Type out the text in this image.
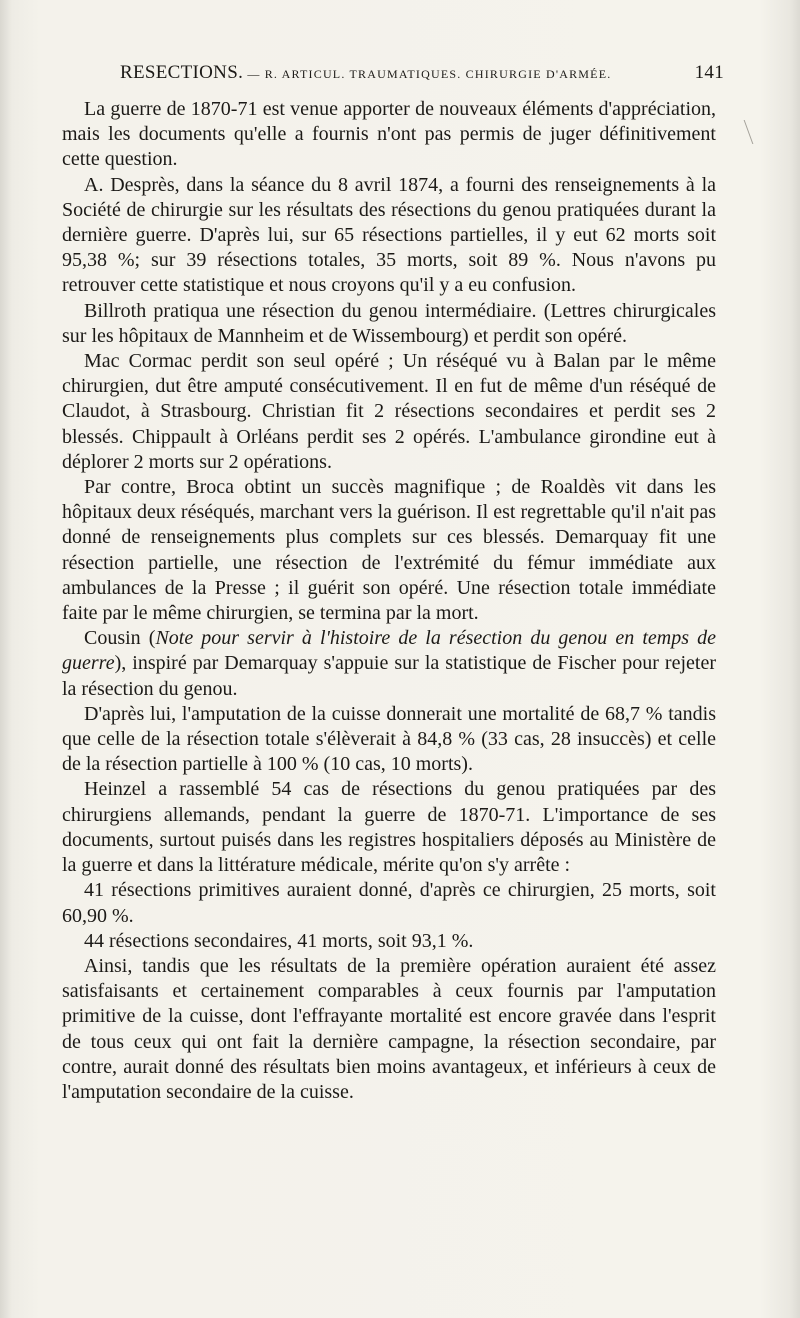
RESECTIONS. — R. ARTICUL. TRAUMATIQUES. CHIRURGIE D'ARMÉE.	141

La guerre de 1870-71 est venue apporter de nouveaux éléments d'appréciation, mais les documents qu'elle a fournis n'ont pas permis de juger définitivement cette question.

A. Desprès, dans la séance du 8 avril 1874, a fourni des renseignements à la Société de chirurgie sur les résultats des résections du genou pratiquées durant la dernière guerre. D'après lui, sur 65 résections partielles, il y eut 62 morts soit 95,38 %; sur 39 résections totales, 35 morts, soit 89 %. Nous n'avons pu retrouver cette statistique et nous croyons qu'il y a eu confusion.

Billroth pratiqua une résection du genou intermédiaire. (Lettres chirurgicales sur les hôpitaux de Mannheim et de Wissembourg) et perdit son opéré.

Mac Cormac perdit son seul opéré ; Un réséqué vu à Balan par le même chirurgien, dut être amputé consécutivement. Il en fut de même d'un réséqué de Claudot, à Strasbourg. Christian fit 2 résections secondaires et perdit ses 2 blessés. Chippault à Orléans perdit ses 2 opérés. L'ambulance girondine eut à déplorer 2 morts sur 2 opérations.

Par contre, Broca obtint un succès magnifique ; de Roaldès vit dans les hôpitaux deux réséqués, marchant vers la guérison. Il est regrettable qu'il n'ait pas donné de renseignements plus complets sur ces blessés. Demarquay fit une résection partielle, une résection de l'extrémité du fémur immédiate aux ambulances de la Presse ; il guérit son opéré. Une résection totale immédiate faite par le même chirurgien, se termina par la mort.

Cousin (Note pour servir à l'histoire de la résection du genou en temps de guerre), inspiré par Demarquay s'appuie sur la statistique de Fischer pour rejeter la résection du genou.

D'après lui, l'amputation de la cuisse donnerait une mortalité de 68,7 % tandis que celle de la résection totale s'élèverait à 84,8 % (33 cas, 28 insuccès) et celle de la résection partielle à 100 % (10 cas, 10 morts).

Heinzel a rassemblé 54 cas de résections du genou pratiquées par des chirurgiens allemands, pendant la guerre de 1870-71. L'importance de ses documents, surtout puisés dans les registres hospitaliers déposés au Ministère de la guerre et dans la littérature médicale, mérite qu'on s'y arrête :

41 résections primitives auraient donné, d'après ce chirurgien, 25 morts, soit 60,90 %.

44 résections secondaires, 41 morts, soit 93,1 %.

Ainsi, tandis que les résultats de la première opération auraient été assez satisfaisants et certainement comparables à ceux fournis par l'amputation primitive de la cuisse, dont l'effrayante mortalité est encore gravée dans l'esprit de tous ceux qui ont fait la dernière campagne, la résection secondaire, par contre, aurait donné des résultats bien moins avantageux, et inférieurs à ceux de l'amputation secondaire de la cuisse.
